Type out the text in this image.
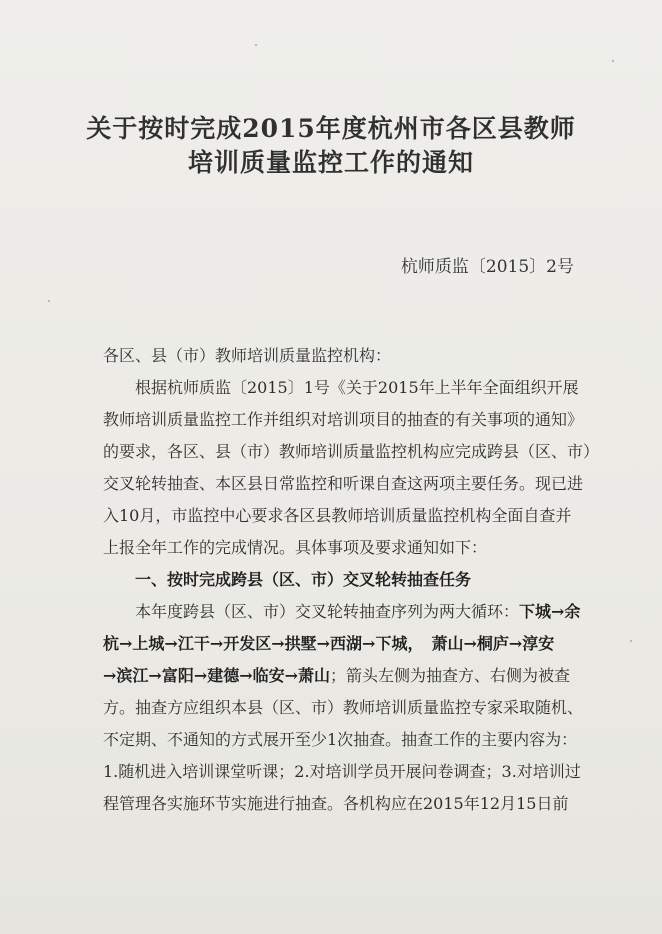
关于按时完成2015年度杭州市各区县教师
培训质量监控工作的通知
杭师质监〔2015〕2号
各区、县（市）教师培训质量监控机构：
根据杭师质监〔2015〕1号《关于2015年上半年全面组织开展
教师培训质量监控工作并组织对培训项目的抽查的有关事项的通知》
的要求，各区、县（市）教师培训质量监控机构应完成跨县（区、市）
交叉轮转抽查、本区县日常监控和听课自查这两项主要任务。现已进
入10月，市监控中心要求各区县教师培训质量监控机构全面自查并
上报全年工作的完成情况。具体事项及要求通知如下：
一、按时完成跨县（区、市）交叉轮转抽查任务
本年度跨县（区、市）交叉轮转抽查序列为两大循环：下城→余
杭→上城→江干→开发区→拱墅→西湖→下城，　萧山→桐庐→淳安
→滨江→富阳→建德→临安→萧山；箭头左侧为抽查方、右侧为被查
方。抽查方应组织本县（区、市）教师培训质量监控专家采取随机、
不定期、不通知的方式展开至少1次抽查。抽查工作的主要内容为：
1.随机进入培训课堂听课；2.对培训学员开展问卷调查；3.对培训过
程管理各实施环节实施进行抽查。各机构应在2015年12月15日前
